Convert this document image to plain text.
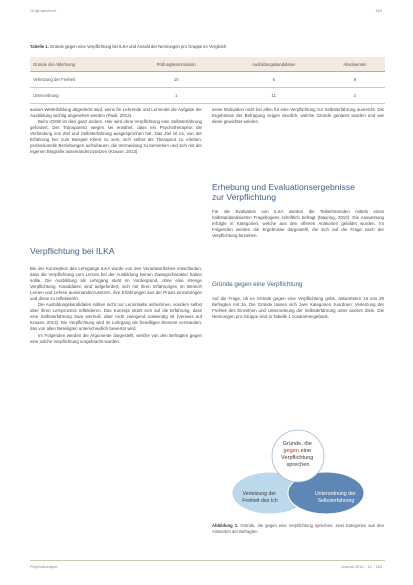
Originalarbeit	183
Tabelle 1. Gründe gegen eine Verpflichtung bei ILKA und Anzahl der Nennungen pro Gruppe im Vergleich
Gründe der Ablehnung	Prüfungskommission	Ausbildungskandidaten	Absolventen
Verletzung der Freiheit	10	5	8
Unterordnung	1	11	2

ausser Weiterbildung abgedeckt wird, wenn für Lehrende und Lernende die Aufgabe der Ausbildung wichtig angesehen werden (Pauli, 2013).

Beim IOSW ist dies ganz anders. Hier wird ohne Verpflichtung eine Selbsterfahrung gefordert. Der Transparenz wegen sei erwähnt, dass ein Psychotherapeut die Verbindung von Ziel und Selbsterfahrung ausgesprochen hat. Das Ziel ist es, von der Erfahrung her zum Beispiel Klient zu sein, sich selbst als Therapeut zu erleben, professionelle Beziehungen aufzubauen, die Vermeidung zu bemerken und sich mit der eigenen Biografie auseinanderzusetzen (Krause, 2013).

Verpflichtung bei ILKA

Bei der Konzeption des Lehrgangs ILKA wurde von den Verantwortlichen entschieden, dass die Verpflichtung zum Lernen bei der Ausbildung keinen Zwangscharakter haben sollte. Die Ausbildung als Lehrgang steht im Vordergrund, ohne eine strenge Verpflichtung. Kandidaten sind aufgefordert, sich mit ihren Erfahrungen im Bereich Lernen und Lehren auseinanderzusetzen, ihre Erfahrungen aus der Praxis einzubringen und diese zu reflektieren.

Die Ausbildungskandidaten sollten nicht nur Lerninhalte aufnehmen, sondern selbst über ihren Lernprozess reflektieren. Das Konzept stützt sich auf die Erfahrung, dass eine Selbsterfahrung zwar wertvoll, aber nicht zwingend notwendig ist (Verweis auf Krause, 2013). Die Verpflichtung wird im Lehrgang als freiwilliges Element verstanden, das von allen Beteiligten unterschiedlich bewertet wird.

Im Folgenden werden die Argumente dargestellt, welche von den Befragten gegen eine solche Verpflichtung vorgebracht wurden.

seine Motivation nicht bei allen für eine Verpflichtung zur Selbsterfahrung ausreicht. Die Ergebnisse der Befragung zeigen deutlich, welche Gründe genannt wurden und wie diese gewichtet werden.

Erhebung und Evaluationsergebnisse
zur Verpflichtung

Für die Evaluation von ILKA wurden die Teilnehmenden mittels eines halbstandardisierten Fragebogens schriftlich befragt (Mayring, 2010). Die Auswertung erfolgte in Kategorien, welche aus den offenen Antworten gebildet wurden. Im Folgenden werden die Ergebnisse dargestellt, die sich auf die Frage nach der Verpflichtung beziehen.

Gründe gegen eine Verpflichtung

Auf die Frage, ob es Gründe gegen eine Verpflichtung gebe, antworteten 15 von 29 Befragten mit Ja. Die Gründe lassen sich zwei Kategorien zuordnen: Verletzung der Freiheit des Einzelnen und Unterordnung der Selbsterfahrung unter andere Ziele. Die Nennungen pro Gruppe sind in Tabelle 1 zusammengefasst.

Gründe, die gegen eine Verpflichtung sprechen
Verletzung der Freiheit des Ich
Unterordnung der Selbsterfahrung
Abbildung 1. Gründe, die gegen eine Verpflichtung sprechen: zwei Kategorien aus den Antworten der Befragten.
Psychotherapie	Journal 2014 · 14 · 183
